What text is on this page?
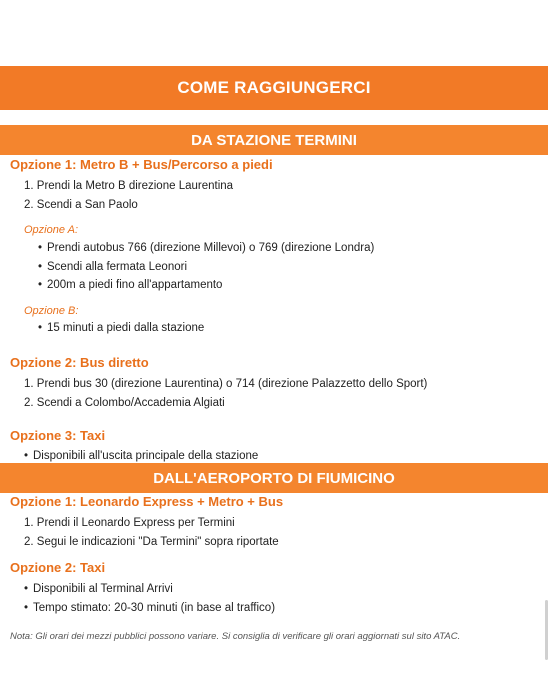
COME RAGGIUNGERCI
DA STAZIONE TERMINI
Opzione 1: Metro B + Bus/Percorso a piedi
1. Prendi la Metro B direzione Laurentina
2. Scendi a San Paolo
Opzione A:
• Prendi autobus 766 (direzione Millevoi) o 769 (direzione Londra)
• Scendi alla fermata Leonori
• 200m a piedi fino all'appartamento
Opzione B:
• 15 minuti a piedi dalla stazione
Opzione 2: Bus diretto
1. Prendi bus 30 (direzione Laurentina) o 714 (direzione Palazzetto dello Sport)
2. Scendi a Colombo/Accademia Algiati
Opzione 3: Taxi
• Disponibili all'uscita principale della stazione
DALL'AEROPORTO DI FIUMICINO
Opzione 1: Leonardo Express + Metro + Bus
1. Prendi il Leonardo Express per Termini
2. Segui le indicazioni "Da Termini" sopra riportate
Opzione 2: Taxi
• Disponibili al Terminal Arrivi
• Tempo stimato: 20-30 minuti (in base al traffico)
Nota: Gli orari dei mezzi pubblici possono variare. Si consiglia di verificare gli orari aggiornati sul sito ATAC.
